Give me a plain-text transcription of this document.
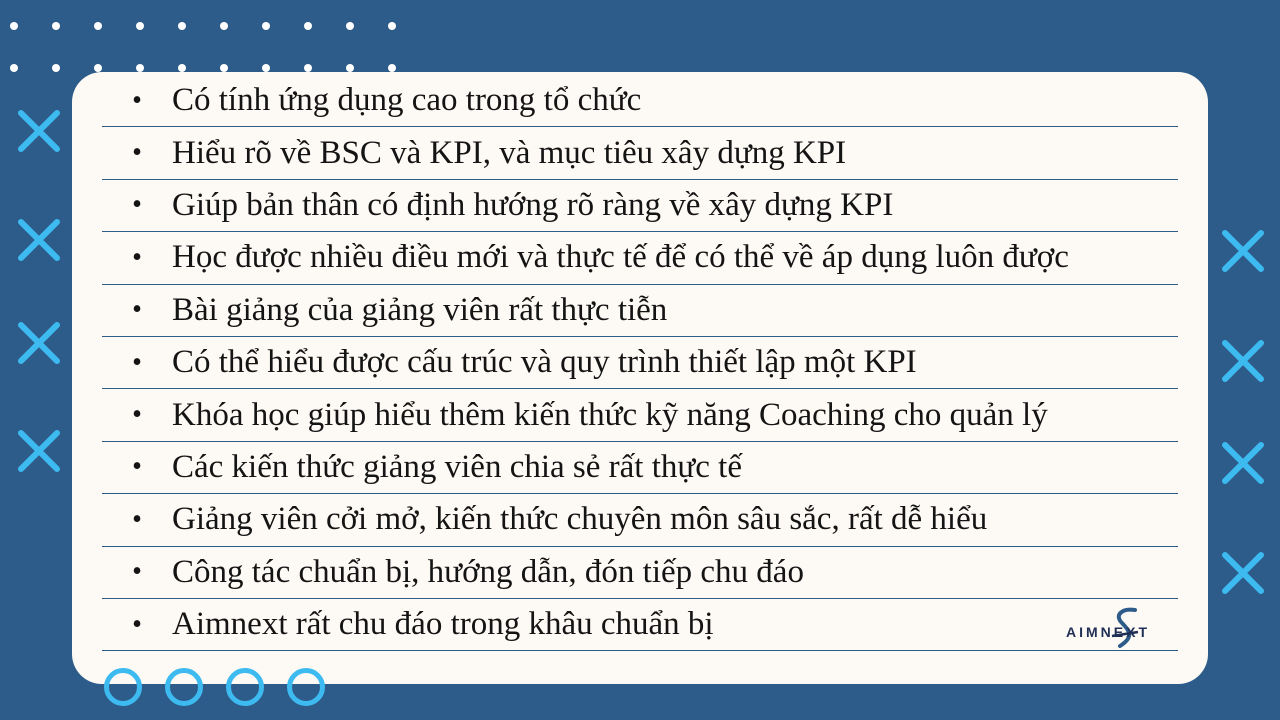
• Có tính ứng dụng cao trong tổ chức
• Hiểu rõ về BSC và KPI, và mục tiêu xây dựng KPI
• Giúp bản thân có định hướng rõ ràng về xây dựng KPI
• Học được nhiều điều mới và thực tế để có thể về áp dụng luôn được
• Bài giảng của giảng viên rất thực tiễn
• Có thể hiểu được cấu trúc và quy trình thiết lập một KPI
• Khóa học giúp hiểu thêm kiến thức kỹ năng Coaching cho quản lý
• Các kiến thức giảng viên chia sẻ rất thực tế
• Giảng viên cởi mở, kiến thức chuyên môn sâu sắc, rất dễ hiểu
• Công tác chuẩn bị, hướng dẫn, đón tiếp chu đáo
• Aimnext rất chu đáo trong khâu chuẩn bị	AIMNEXT
